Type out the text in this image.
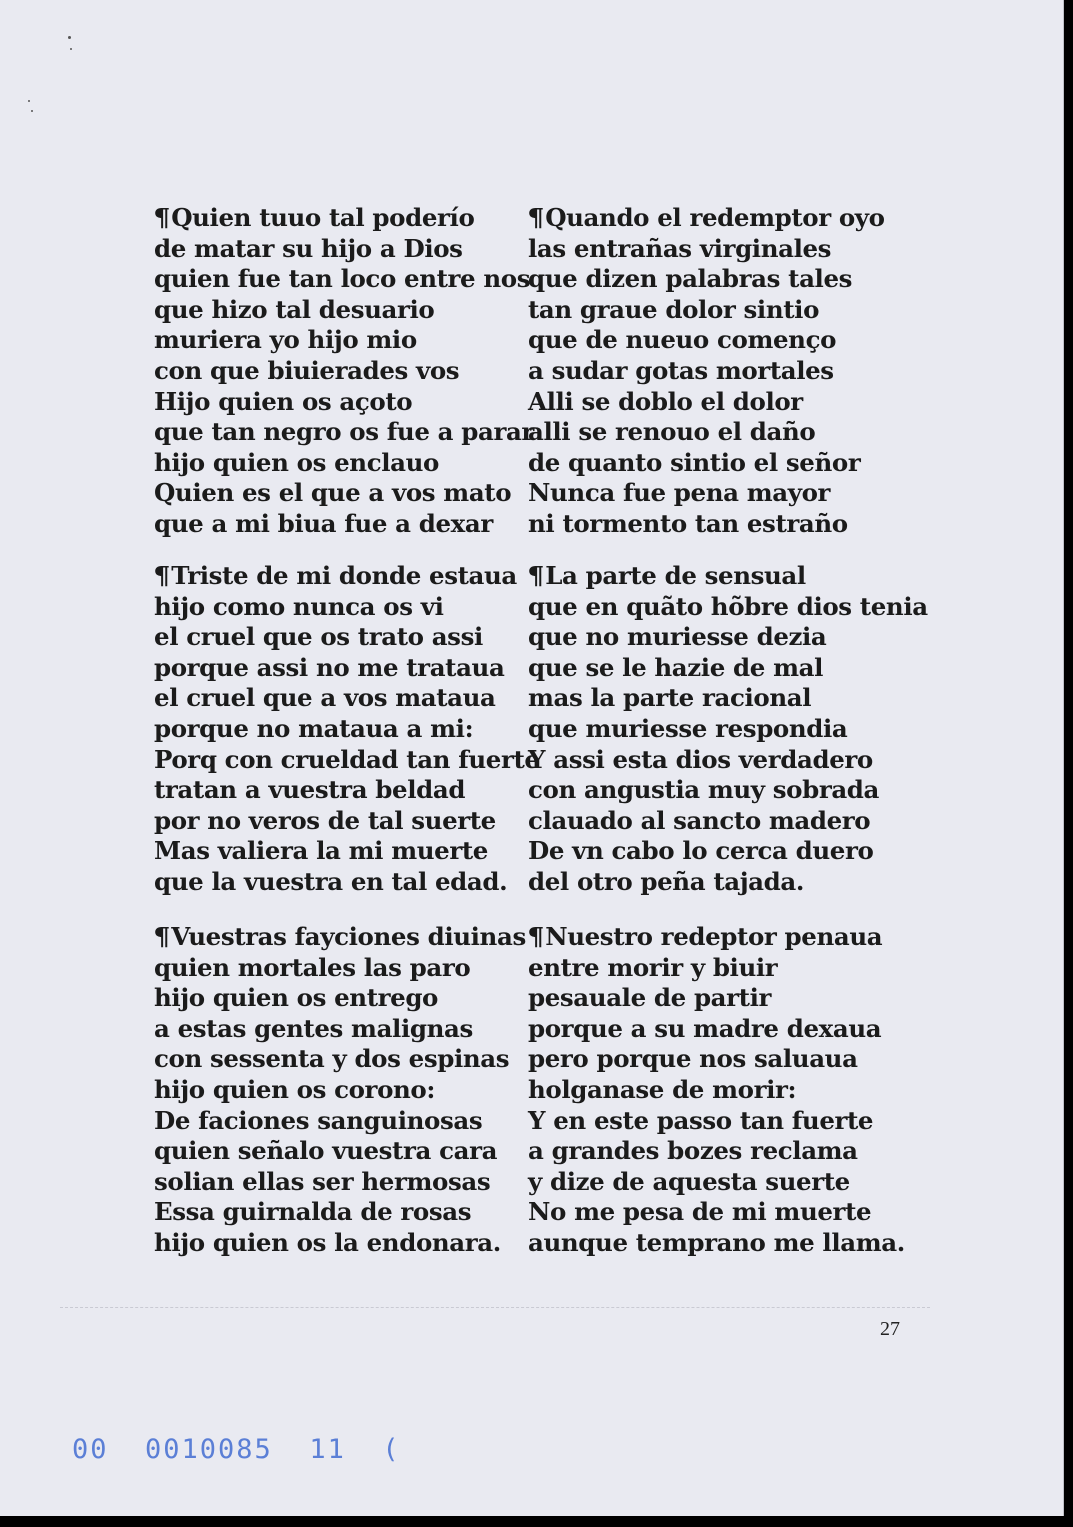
¶Quien tuuo tal poderío
de matar su hijo a Dios
quien fue tan loco entre nos
que hizo tal desuario
muriera yo hijo mio
con que biuierades vos
Hijo quien os açoto
que tan negro os fue a parar
hijo quien os enclauo
Quien es el que a vos mato
que a mi biua fue a dexar
¶Quando el redemptor oyo
las entrañas virginales
que dizen palabras tales
tan graue dolor sintio
que de nueuo començo
a sudar gotas mortales
Alli se doblo el dolor
alli se renouo el daño
de quanto sintio el señor
Nunca fue pena mayor
ni tormento tan estraño
¶Triste de mi donde estaua
hijo como nunca os vi
el cruel que os trato assi
porque assi no me trataua
el cruel que a vos mataua
porque no mataua a mi:
Porq con crueldad tan fuerte
tratan a vuestra beldad
por no veros de tal suerte
Mas valiera la mi muerte
que la vuestra en tal edad.
¶La parte de sensual
que en quãto hõbre dios tenia
que no muriesse dezia
que se le hazie de mal
mas la parte racional
que muriesse respondia
Y assi esta dios verdadero
con angustia muy sobrada
clauado al sancto madero
De vn cabo lo cerca duero
del otro peña tajada.
¶Vuestras fayciones diuinas
quien mortales las paro
hijo quien os entrego
a estas gentes malignas
con sessenta y dos espinas
hijo quien os corono:
De faciones sanguinosas
quien señalo vuestra cara
solian ellas ser hermosas
Essa guirnalda de rosas
hijo quien os la endonara.
¶Nuestro redeptor penaua
entre morir y biuir
pesauale de partir
porque a su madre dexaua
pero porque nos saluaua
holganase de morir:
Y en este passo tan fuerte
a grandes bozes reclama
y dize de aquesta suerte
No me pesa de mi muerte
aunque temprano me llama.
27
00  0010085  11  (
